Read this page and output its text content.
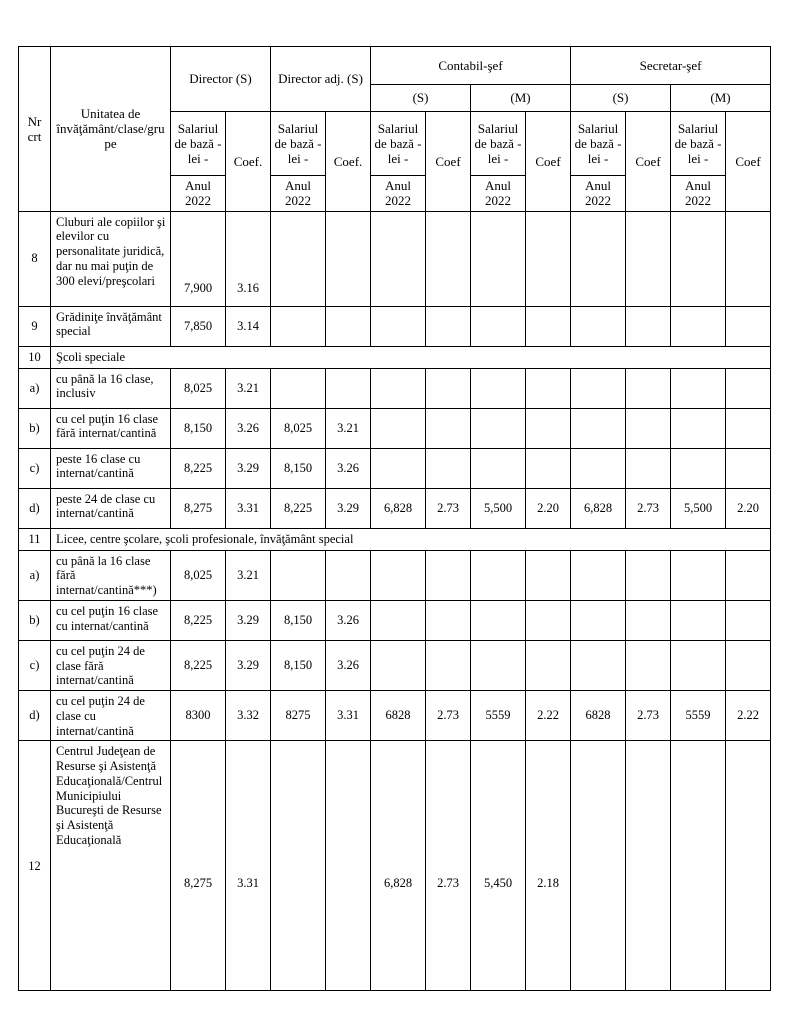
Nr crt	Unitatea de învăţământ/clase/grupe	Director (S)		Director adj. (S)		Contabil-şef				Secretar-şef			
						(S)		(M)		(S)		(M)	
		Salariul de bază - lei -	Coef.	Salariul de bază - lei -	Coef.	Salariul de bază - lei -	Coef	Salariul de bază - lei -	Coef	Salariul de bază - lei -	Coef	Salariul de bază - lei -	Coef
		Anul 2022		Anul 2022		Anul 2022		Anul 2022		Anul 2022		Anul 2022	
8	Cluburi ale copiilor şi elevilor cu personalitate juridică, dar nu mai puţin de 300 elevi/preşcolari	7,900	3.16										
9	Grădiniţe învăţământ special	7,850	3.14										
10	Şcoli speciale												
a)	cu până la 16 clase, inclusiv	8,025	3.21										
b)	cu cel puţin 16 clase fără internat/cantină	8,150	3.26	8,025	3.21								
c)	peste 16 clase cu internat/cantină	8,225	3.29	8,150	3.26								
d)	peste 24 de clase cu internat/cantină	8,275	3.31	8,225	3.29	6,828	2.73	5,500	2.20	6,828	2.73	5,500	2.20
11	Licee, centre şcolare, şcoli profesionale, învăţământ special												
a)	cu până la 16 clase fără internat/cantină***)	8,025	3.21										
b)	cu cel puţin 16 clase cu internat/cantină	8,225	3.29	8,150	3.26								
c)	cu cel puţin 24 de clase fără internat/cantină	8,225	3.29	8,150	3.26								
d)	cu cel puţin 24 de clase cu internat/cantină	8300	3.32	8275	3.31	6828	2.73	5559	2.22	6828	2.73	5559	2.22
12	Centrul Judeţean de Resurse şi Asistenţă Educaţională/Centrul Municipiului Bucureşti de Resurse şi Asistenţă Educaţională	8,275	3.31			6,828	2.73	5,450	2.18				
